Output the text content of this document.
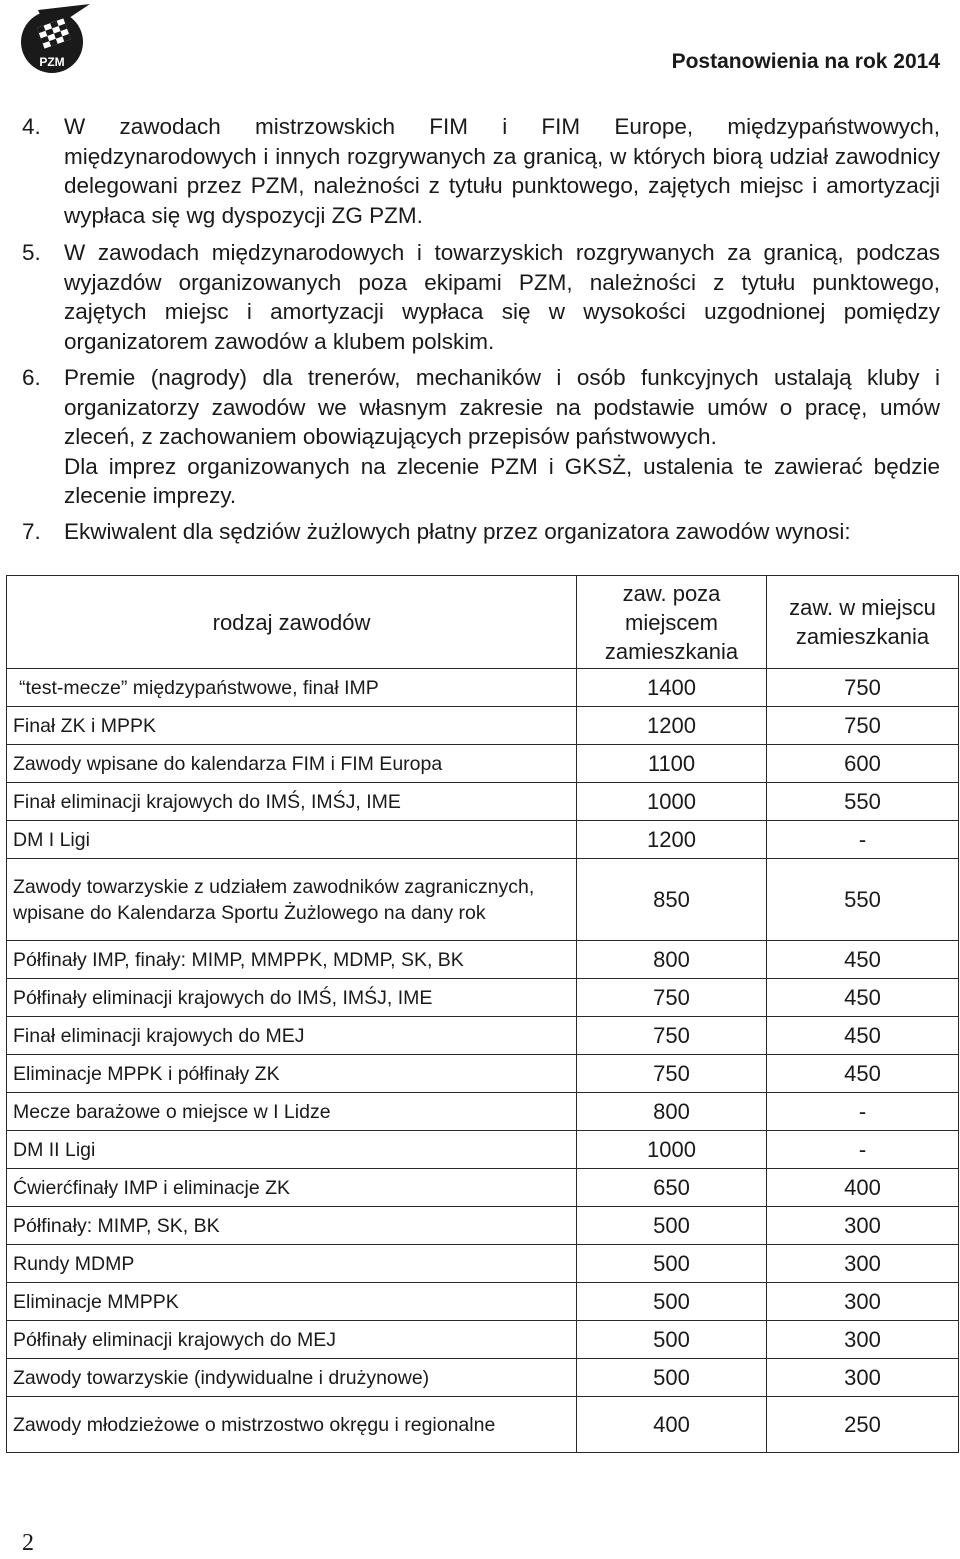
PZM	Postanowienia na rok 2014
4. W zawodach mistrzowskich FIM i FIM Europe, międzypaństwowych, międzynarodowych i innych rozgrywanych za granicą, w których biorą udział zawodnicy delegowani przez PZM, należności z tytułu punktowego, zajętych miejsc i amortyzacji wypłaca się wg dyspozycji ZG PZM.
5. W zawodach międzynarodowych i towarzyskich rozgrywanych za granicą, podczas wyjazdów organizowanych poza ekipami PZM, należności z tytułu punktowego, zajętych miejsc i amortyzacji wypłaca się w wysokości uzgodnionej pomiędzy organizatorem zawodów a klubem polskim.
6. Premie (nagrody) dla trenerów, mechaników i osób funkcyjnych ustalają kluby i organizatorzy zawodów we własnym zakresie na podstawie umów o pracę, umów zleceń, z zachowaniem obowiązujących przepisów państwowych.
Dla imprez organizowanych na zlecenie PZM i GKSŻ, ustalenia te zawierać będzie zlecenie imprezy.
7. Ekwiwalent dla sędziów żużlowych płatny przez organizatora zawodów wynosi:
rodzaj zawodów	zaw. poza miejscem zamieszkania	zaw. w miejscu zamieszkania
“test-mecze” międzypaństwowe, finał IMP	1400	750
Finał ZK i MPPK	1200	750
Zawody wpisane do kalendarza FIM i FIM Europa	1100	600
Finał eliminacji krajowych do IMŚ, IMŚJ, IME	1000	550
DM I Ligi	1200	-
Zawody towarzyskie z udziałem zawodników zagranicznych, wpisane do Kalendarza Sportu Żużlowego na dany rok	850	550
Półfinały IMP, finały: MIMP, MMPPK, MDMP, SK, BK	800	450
Półfinały eliminacji krajowych do IMŚ, IMŚJ, IME	750	450
Finał eliminacji krajowych do MEJ	750	450
Eliminacje MPPK i półfinały ZK	750	450
Mecze barażowe o miejsce w I Lidze	800	-
DM II Ligi	1000	-
Ćwierćfinały IMP i eliminacje ZK	650	400
Półfinały: MIMP, SK, BK	500	300
Rundy MDMP	500	300
Eliminacje MMPPK	500	300
Półfinały eliminacji krajowych do MEJ	500	300
Zawody towarzyskie (indywidualne i drużynowe)	500	300
Zawody młodzieżowe o mistrzostwo okręgu i regionalne	400	250
2
